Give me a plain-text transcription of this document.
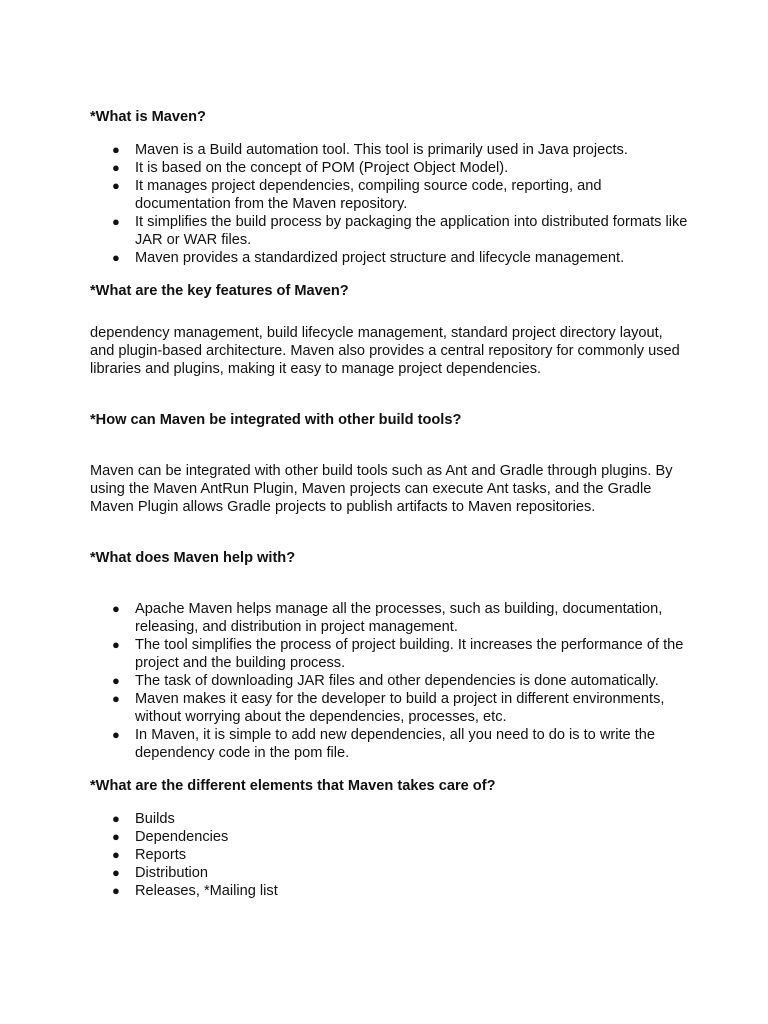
*What is Maven?
● Maven is a Build automation tool. This tool is primarily used in Java projects.
● It is based on the concept of POM (Project Object Model).
● It manages project dependencies, compiling source code, reporting, and documentation from the Maven repository.
● It simplifies the build process by packaging the application into distributed formats like JAR or WAR files.
● Maven provides a standardized project structure and lifecycle management.
*What are the key features of Maven?

dependency management, build lifecycle management, standard project directory layout, and plugin-based architecture. Maven also provides a central repository for commonly used libraries and plugins, making it easy to manage project dependencies.

*How can Maven be integrated with other build tools?

Maven can be integrated with other build tools such as Ant and Gradle through plugins. By using the Maven AntRun Plugin, Maven projects can execute Ant tasks, and the Gradle Maven Plugin allows Gradle projects to publish artifacts to Maven repositories.

*What does Maven help with?
● Apache Maven helps manage all the processes, such as building, documentation, releasing, and distribution in project management.
● The tool simplifies the process of project building. It increases the performance of the project and the building process.
● The task of downloading JAR files and other dependencies is done automatically.
● Maven makes it easy for the developer to build a project in different environments, without worrying about the dependencies, processes, etc.
● In Maven, it is simple to add new dependencies, all you need to do is to write the dependency code in the pom file.
*What are the different elements that Maven takes care of?
● Builds
● Dependencies
● Reports
● Distribution
● Releases, *Mailing list
